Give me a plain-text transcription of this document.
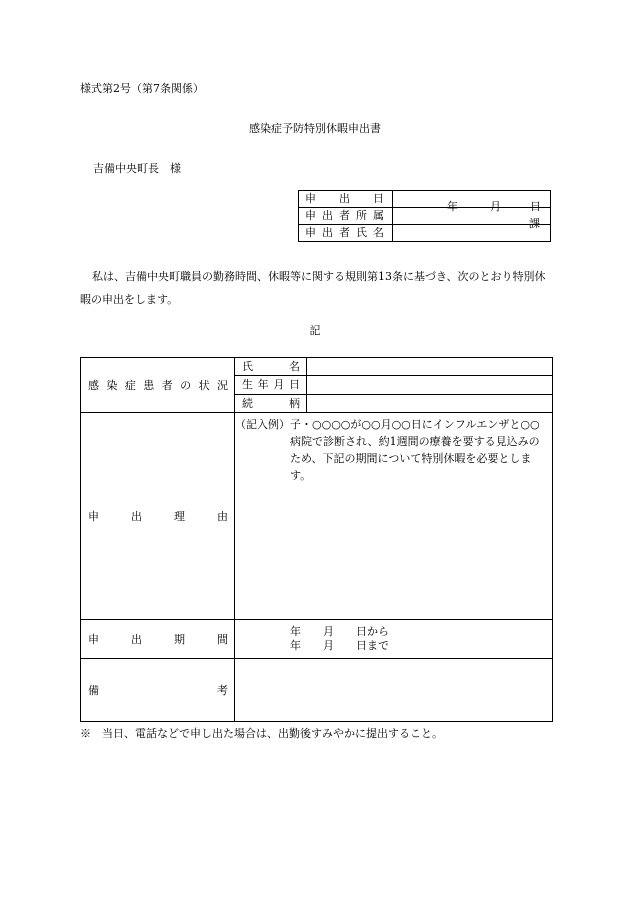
様式第2号（第7条関係）
感染症予防特別休暇申出書
吉備中央町長　様
申　出　日	年 月 日

申出者所属	課

申出者氏名	
私は、吉備中央町職員の勤務時間、休暇等に関する規則第13条に基づき、次のとおり特別休暇の申出をします。
記
感染症患者の状況	氏　名	
	生年月日	
	続　柄	
申出理由	（記入例） 子・○○○○が○○月○○日にインフルエンザと○○病院で診断され、約1週間の療養を要する見込みのため、下記の期間について特別休暇を必要とします。	

申出期間	年　　月　　日から
年　　月　　日まで	

備考		
※　当日、電話などで申し出た場合は、出勤後すみやかに提出すること。
